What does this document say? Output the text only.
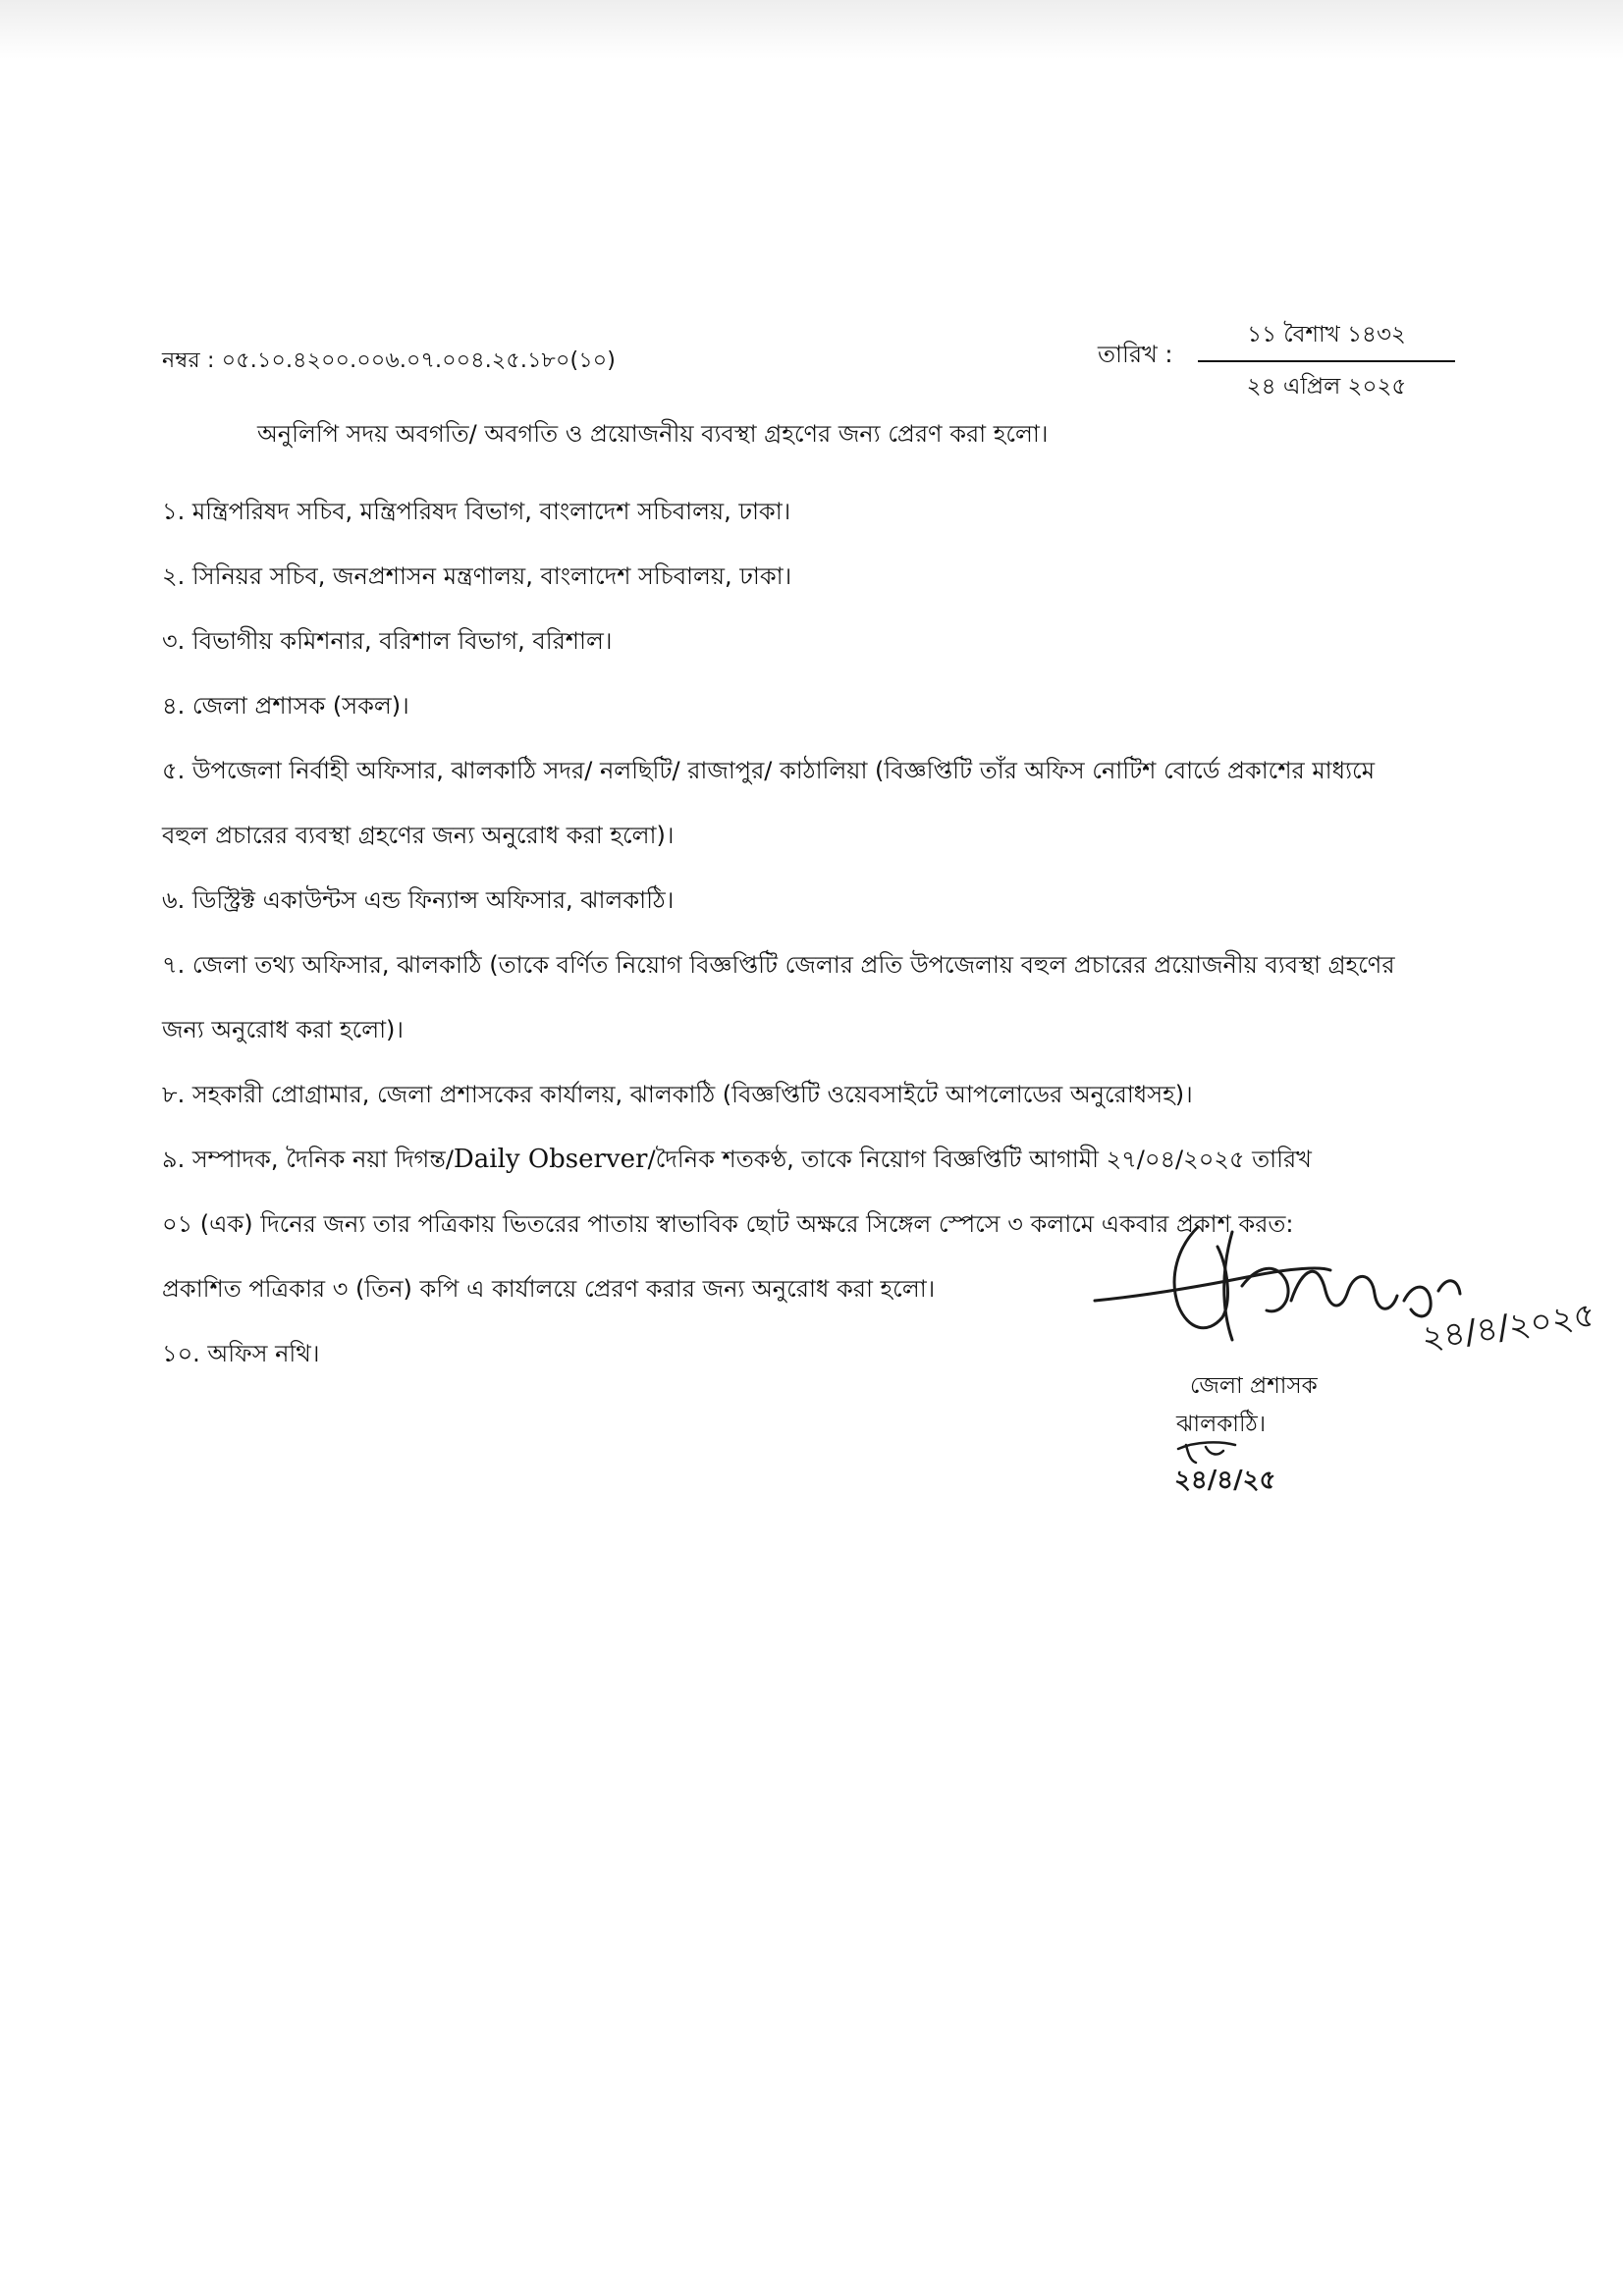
নম্বর : ০৫.১০.৪২০০.০০৬.০৭.০০৪.২৫.১৮০(১০)	তারিখ :
১১ বৈশাখ ১৪৩২
২৪ এপ্রিল ২০২৫
অনুলিপি সদয় অবগতি/ অবগতি ও প্রয়োজনীয় ব্যবস্থা গ্রহণের জন্য প্রেরণ করা হলো।
১. মন্ত্রিপরিষদ সচিব, মন্ত্রিপরিষদ বিভাগ, বাংলাদেশ সচিবালয়, ঢাকা।
২. সিনিয়র সচিব, জনপ্রশাসন মন্ত্রণালয়, বাংলাদেশ সচিবালয়, ঢাকা।
৩. বিভাগীয় কমিশনার, বরিশাল বিভাগ, বরিশাল।
৪. জেলা প্রশাসক (সকল)।
৫. উপজেলা নির্বাহী অফিসার, ঝালকাঠি সদর/ নলছিটি/ রাজাপুর/ কাঠালিয়া (বিজ্ঞপ্তিটি তাঁর অফিস নোটিশ বোর্ডে প্রকাশের মাধ্যমে
বহুল প্রচারের ব্যবস্থা গ্রহণের জন্য অনুরোধ করা হলো)।
৬. ডিস্ট্রিক্ট একাউন্টস এন্ড ফিন্যান্স অফিসার, ঝালকাঠি।
৭. জেলা তথ্য অফিসার, ঝালকাঠি (তাকে বর্ণিত নিয়োগ বিজ্ঞপ্তিটি জেলার প্রতি উপজেলায় বহুল প্রচারের প্রয়োজনীয় ব্যবস্থা গ্রহণের
জন্য অনুরোধ করা হলো)।
৮. সহকারী প্রোগ্রামার, জেলা প্রশাসকের কার্যালয়, ঝালকাঠি (বিজ্ঞপ্তিটি ওয়েবসাইটে আপলোডের অনুরোধসহ)।
৯. সম্পাদক, দৈনিক নয়া দিগন্ত/Daily Observer/দৈনিক শতকণ্ঠ, তাকে নিয়োগ বিজ্ঞপ্তিটি আগামী ২৭/০৪/২০২৫ তারিখ
০১ (এক) দিনের জন্য তার পত্রিকায় ভিতরের পাতায় স্বাভাবিক ছোট অক্ষরে সিঙ্গেল স্পেসে ৩ কলামে একবার প্রকাশ করত:
প্রকাশিত পত্রিকার ৩ (তিন) কপি এ কার্যালয়ে প্রেরণ করার জন্য অনুরোধ করা হলো।
১০. অফিস নথি।	২৪/৪/২০২৫
জেলা প্রশাসক
ঝালকাঠি।
২৪/৪/২৫
